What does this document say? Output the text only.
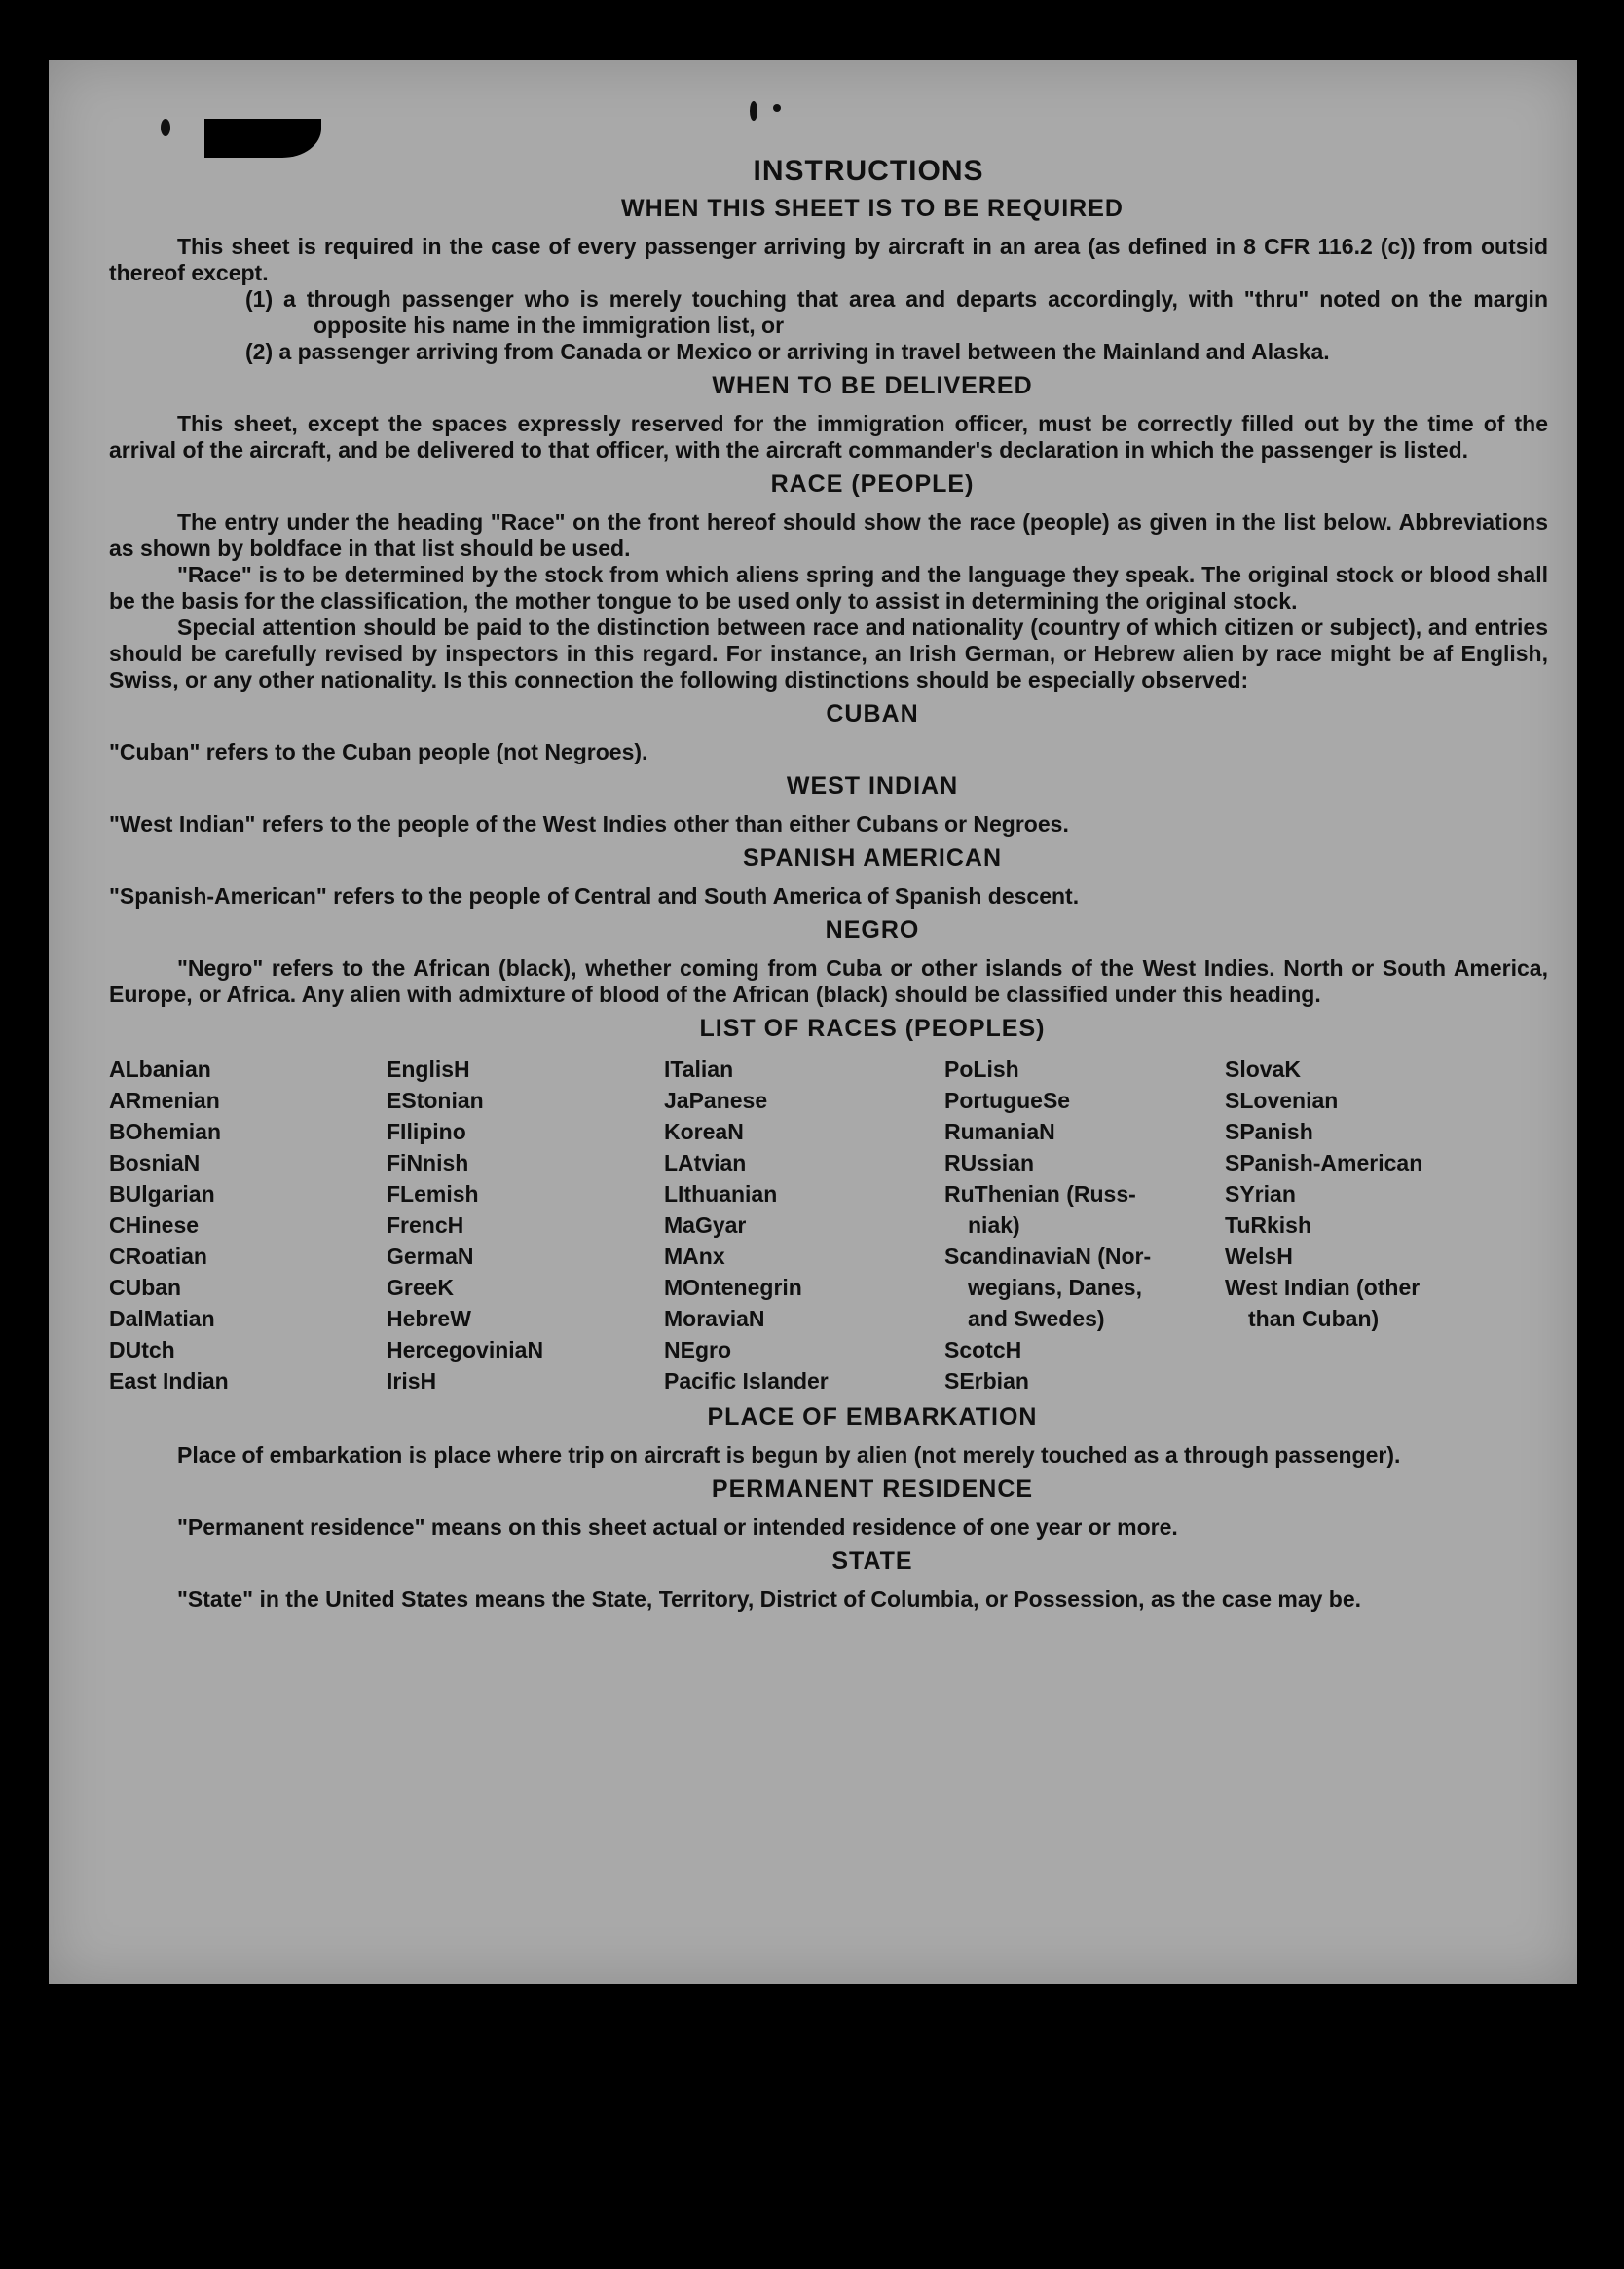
INSTRUCTIONS
WHEN THIS SHEET IS TO BE REQUIRED

This sheet is required in the case of every passenger arriving by aircraft in an area (as defined in 8 CFR 116.2 (c)) from outsid thereof except.

(1) a through passenger who is merely touching that area and departs accordingly, with "thru" noted on the margin opposite his name in the immigration list, or
(2) a passenger arriving from Canada or Mexico or arriving in travel between the Mainland and Alaska.
WHEN TO BE DELIVERED

This sheet, except the spaces expressly reserved for the immigration officer, must be correctly filled out by the time of the arrival of the aircraft, and be delivered to that officer, with the aircraft commander's declaration in which the passenger is listed.

RACE (PEOPLE)

The entry under the heading "Race" on the front hereof should show the race (people) as given in the list below. Abbreviations as shown by boldface in that list should be used.

"Race" is to be determined by the stock from which aliens spring and the language they speak. The original stock or blood shall be the basis for the classification, the mother tongue to be used only to assist in determining the original stock.

Special attention should be paid to the distinction between race and nationality (country of which citizen or subject), and entries should be carefully revised by inspectors in this regard. For instance, an Irish German, or Hebrew alien by race might be af English, Swiss, or any other nationality. Is this connection the following distinctions should be especially observed:

CUBAN

"Cuban" refers to the Cuban people (not Negroes).

WEST INDIAN

"West Indian" refers to the people of the West Indies other than either Cubans or Negroes.

SPANISH AMERICAN

"Spanish-American" refers to the people of Central and South America of Spanish descent.

NEGRO

"Negro" refers to the African (black), whether coming from Cuba or other islands of the West Indies. North or South America, Europe, or Africa. Any alien with admixture of blood of the African (black) should be classified under this heading.

LIST OF RACES (PEOPLES)
ALbanian
ARmenian
BOhemian
BosniaN
BUlgarian
CHinese
CRoatian
CUban
DalMatian
DUtch
East Indian
EnglisH
EStonian
FIlipino
FiNnish
FLemish
FrencH
GermaN
GreeK
HebreW
HercegoviniaN
IrisH
ITalian
JaPanese
KoreaN
LAtvian
LIthuanian
MaGyar
MAnx
MOntenegrin
MoraviaN
NEgro
Pacific Islander
PoLish
PortugueSe
RumaniaN
RUssian
RuThenian (Russ-
niak)
ScandinaviaN (Nor-
wegians, Danes,
and Swedes)
ScotcH
SErbian
SlovaK
SLovenian
SPanish
SPanish-American
SYrian
TuRkish
WelsH
West Indian (other
than Cuban)
PLACE OF EMBARKATION

Place of embarkation is place where trip on aircraft is begun by alien (not merely touched as a through passenger).

PERMANENT RESIDENCE

"Permanent residence" means on this sheet actual or intended residence of one year or more.

STATE

"State" in the United States means the State, Territory, District of Columbia, or Possession, as the case may be.
